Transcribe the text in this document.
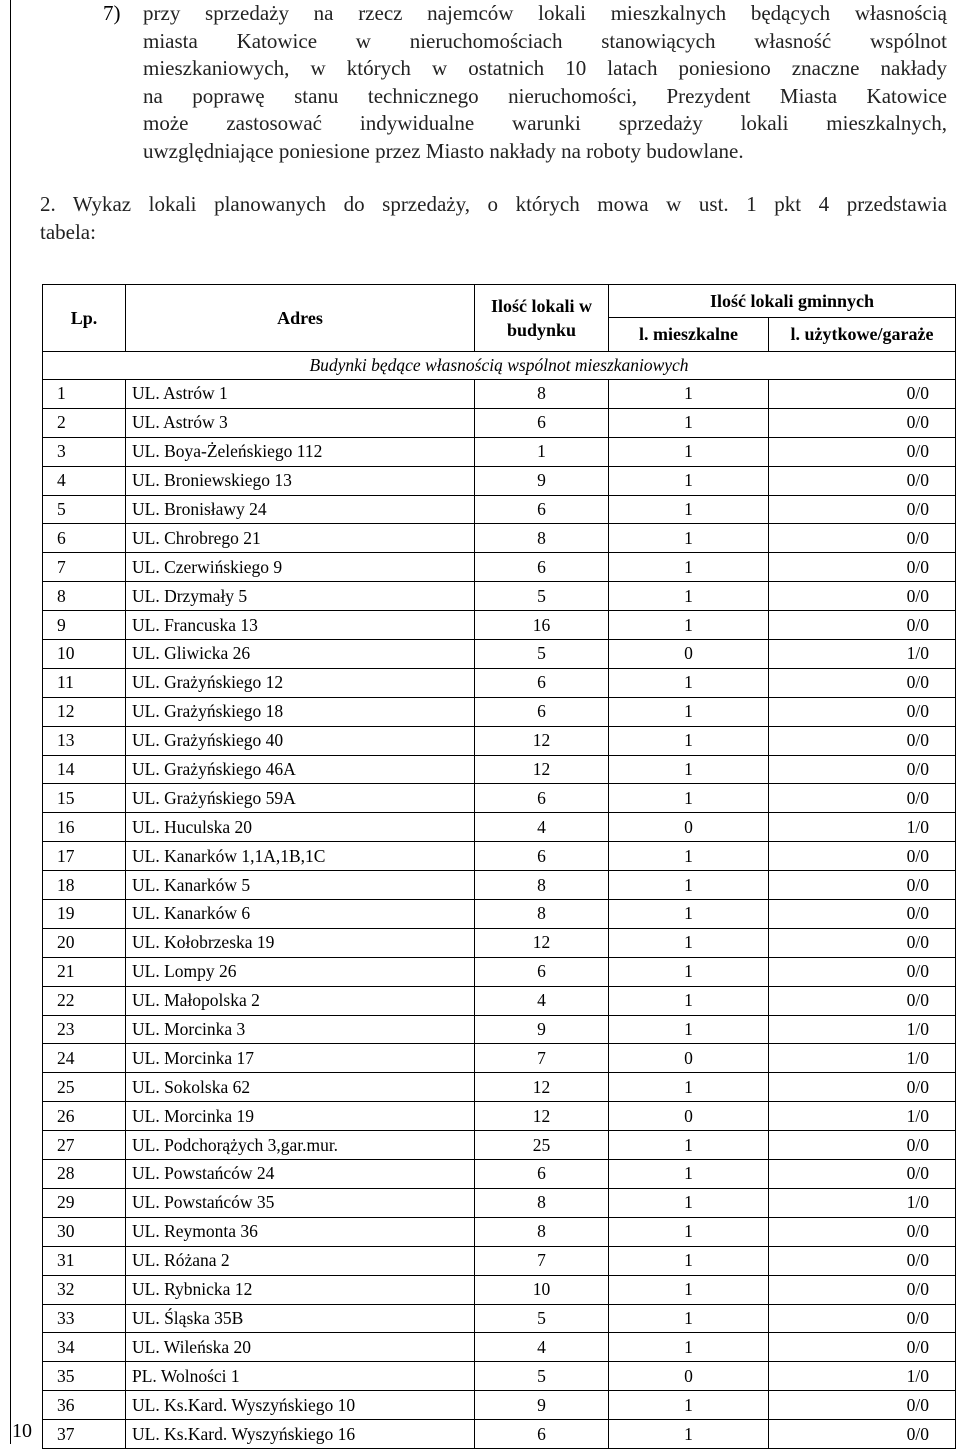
7) przy sprzedaży na rzecz najemców lokali mieszkalnych będących własnością
miasta Katowice w nieruchomościach stanowiących własność wspólnot
mieszkaniowych, w których w ostatnich 10 latach poniesiono znaczne nakłady
na poprawę stanu technicznego nieruchomości, Prezydent Miasta Katowice
może zastosować indywidualne warunki sprzedaży lokali mieszkalnych,
uwzględniające poniesione przez Miasto nakłady na roboty budowlane.
2. Wykaz lokali planowanych do sprzedaży, o których mowa w ust. 1 pkt 4 przedstawia
tabela:
Lp.	Adres	Ilość lokali w budynku	Ilość lokali gminnych	
			l. mieszkalne	l. użytkowe/garaże
Budynki będące własnością wspólnot mieszkaniowych				
1	UL. Astrów 1	8	1	0/0
2	UL. Astrów 3	6	1	0/0
3	UL. Boya-Żeleńskiego 112	1	1	0/0
4	UL. Broniewskiego 13	9	1	0/0
5	UL. Bronisławy 24	6	1	0/0
6	UL. Chrobrego 21	8	1	0/0
7	UL. Czerwińskiego 9	6	1	0/0
8	UL. Drzymały 5	5	1	0/0
9	UL. Francuska 13	16	1	0/0
10	UL. Gliwicka 26	5	0	1/0
11	UL. Grażyńskiego 12	6	1	0/0
12	UL. Grażyńskiego 18	6	1	0/0
13	UL. Grażyńskiego 40	12	1	0/0
14	UL. Grażyńskiego 46A	12	1	0/0
15	UL. Grażyńskiego 59A	6	1	0/0
16	UL. Huculska 20	4	0	1/0
17	UL. Kanarków 1,1A,1B,1C	6	1	0/0
18	UL. Kanarków 5	8	1	0/0
19	UL. Kanarków 6	8	1	0/0
20	UL. Kołobrzeska 19	12	1	0/0
21	UL. Lompy 26	6	1	0/0
22	UL. Małopolska 2	4	1	0/0
23	UL. Morcinka 3	9	1	1/0
24	UL. Morcinka 17	7	0	1/0
25	UL. Sokolska 62	12	1	0/0
26	UL. Morcinka 19	12	0	1/0
27	UL. Podchorążych 3,gar.mur.	25	1	0/0
28	UL. Powstańców 24	6	1	0/0
29	UL. Powstańców 35	8	1	1/0
30	UL. Reymonta 36	8	1	0/0
31	UL. Różana 2	7	1	0/0
32	UL. Rybnicka 12	10	1	0/0
33	UL. Śląska 35B	5	1	0/0
34	UL. Wileńska 20	4	1	0/0
35	PL. Wolności 1	5	0	1/0
36	UL. Ks.Kard. Wyszyńskiego 10	9	1	0/0
37	UL. Ks.Kard. Wyszyńskiego 16	6	1	0/0
10
